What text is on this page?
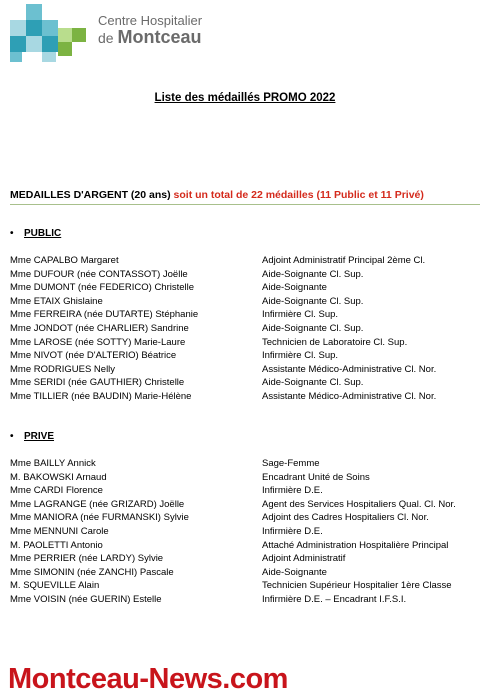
Centre Hospitalier
de Montceau
Liste des médaillés PROMO 2022
MEDAILLES D'ARGENT (20 ans) soit un total de 22 médailles (11 Public et 11 Privé)
• PUBLIC
Mme CAPALBO Margaret	Adjoint Administratif Principal 2ème Cl.
Mme DUFOUR (née CONTASSOT) Joëlle	Aide-Soignante Cl. Sup.
Mme DUMONT (née FEDERICO) Christelle	Aide-Soignante
Mme ETAIX Ghislaine	Aide-Soignante Cl. Sup.
Mme FERREIRA (née DUTARTE) Stéphanie	Infirmière Cl. Sup.
Mme JONDOT (née CHARLIER) Sandrine	Aide-Soignante Cl. Sup.
Mme LAROSE (née SOTTY) Marie-Laure	Technicien de Laboratoire Cl. Sup.
Mme NIVOT (née D'ALTERIO) Béatrice	Infirmière Cl. Sup.
Mme RODRIGUES Nelly	Assistante Médico-Administrative Cl. Nor.
Mme SERIDI (née GAUTHIER) Christelle	Aide-Soignante Cl. Sup.
Mme TILLIER (née BAUDIN) Marie-Hélène	Assistante Médico-Administrative Cl. Nor.
• PRIVE
Mme BAILLY Annick	Sage-Femme
M. BAKOWSKI Arnaud	Encadrant Unité de Soins
Mme CARDI Florence	Infirmière D.E.
Mme LAGRANGE (née GRIZARD) Joëlle	Agent des Services Hospitaliers Qual. Cl. Nor.
Mme MANIORA (née FURMANSKI) Sylvie	Adjoint des Cadres Hospitaliers Cl. Nor.
Mme MENNUNI Carole	Infirmière D.E.
M. PAOLETTI Antonio	Attaché Administration Hospitalière Principal
Mme PERRIER (née LARDY) Sylvie	Adjoint Administratif
Mme SIMONIN (née ZANCHI) Pascale	Aide-Soignante
M. SQUEVILLE Alain	Technicien Supérieur Hospitalier 1ère Classe
Mme VOISIN (née GUERIN) Estelle	Infirmière D.E. – Encadrant I.F.S.I.
Montceau-News.com
